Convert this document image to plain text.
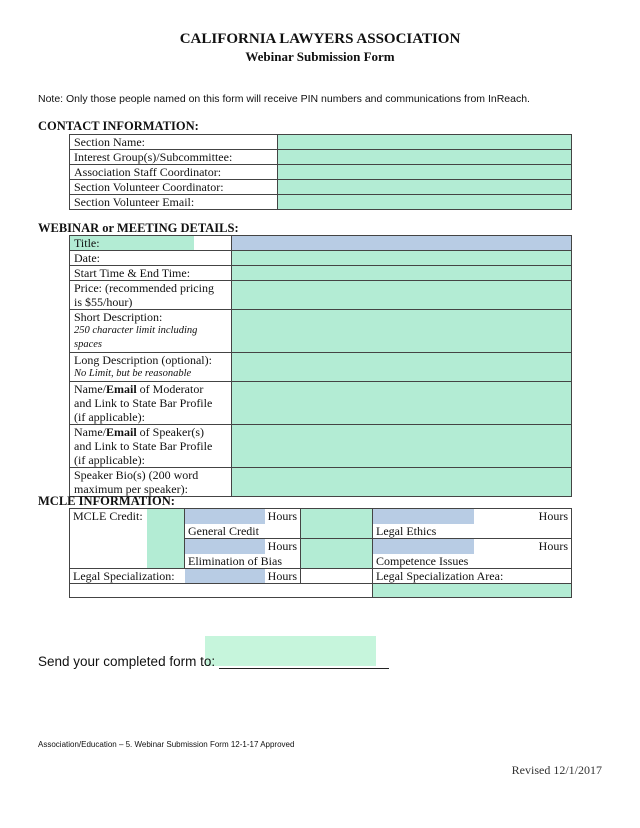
CALIFORNIA LAWYERS ASSOCIATION
Webinar Submission Form
Note: Only those people named on this form will receive PIN numbers and communications from InReach.
CONTACT INFORMATION:
Section Name:	
Interest Group(s)/Subcommittee:	
Association Staff Coordinator:	
Section Volunteer Coordinator:	
Section Volunteer Email:	
WEBINAR or MEETING DETAILS:
Title:	
Date:	
Start Time & End Time:	

Price: (recommended pricing
is $55/hour)	

Short Description:
250 character limit including spaces	

Long Description (optional):
No Limit, but be reasonable	

Name/Email of Moderator
and Link to State Bar Profile
(if applicable):	

Name/Email of Speaker(s)
and Link to State Bar Profile
(if applicable):	

Speaker Bio(s) (200 word
maximum per speaker):	

MCLE INFORMATION:
MCLE Credit:			Hours			Hours
		General Credit			Legal Ethics	
			Hours			Hours
		Elimination of Bias			Competence Issues	
Legal Specialization:			Hours		Legal Specialization Area:	

Send your completed form to:
Association/Education – 5. Webinar Submission Form 12-1-17 Approved
Revised 12/1/2017
